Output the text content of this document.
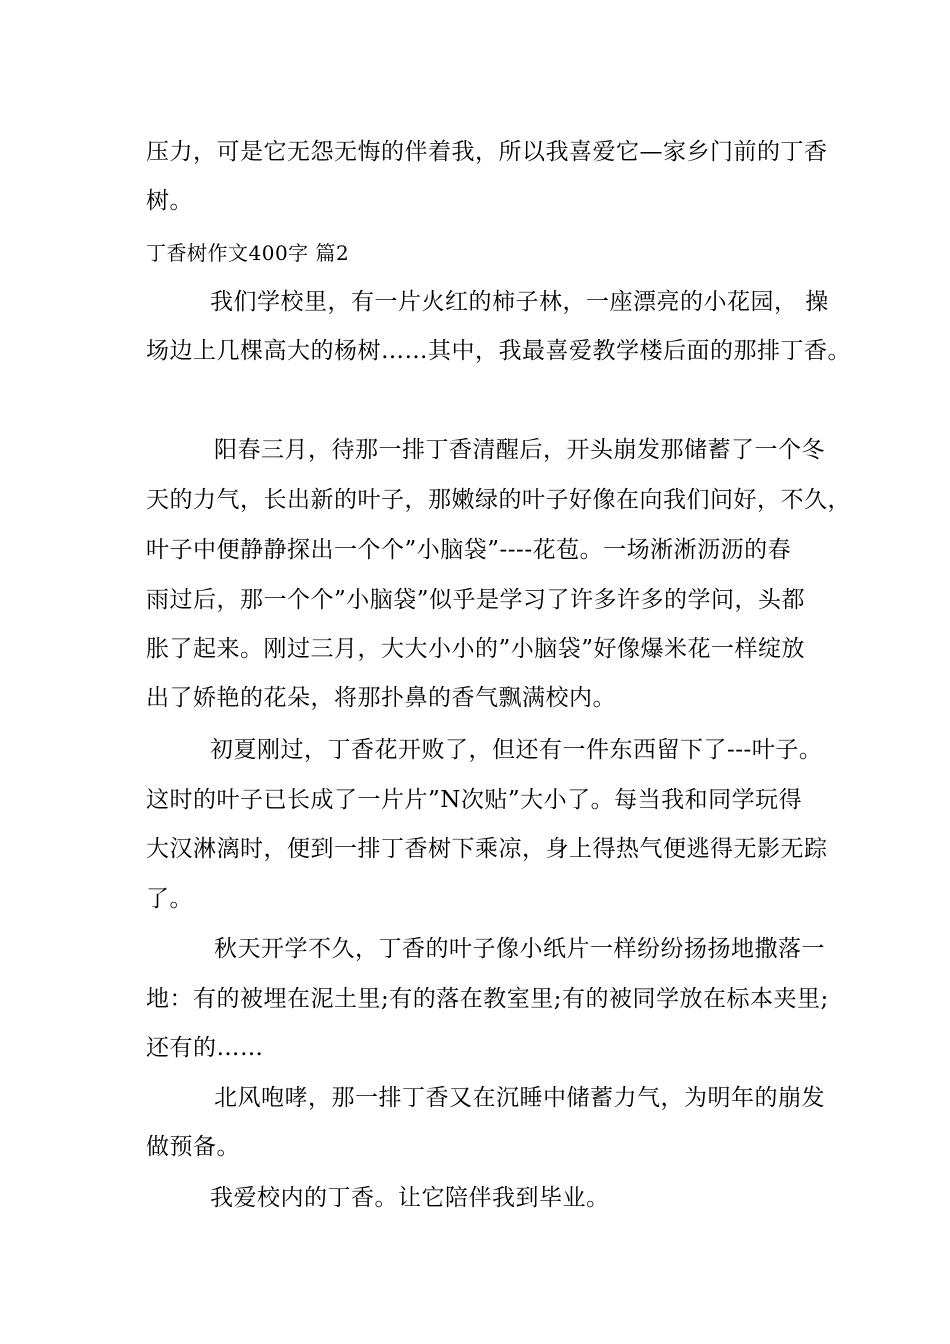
压力，可是它无怨无悔的伴着我，所以我喜爱它—家乡门前的丁香
树。
丁香树作文400字 篇2
我们学校里，有一片火红的柿子林，一座漂亮的小花园， 操
场边上几棵高大的杨树……其中，我最喜爱教学楼后面的那排丁香。
阳春三月，待那一排丁香清醒后，开头崩发那储蓄了一个冬
天的力气，长出新的叶子，那嫩绿的叶子好像在向我们问好，不久，
叶子中便静静探出一个个”小脑袋”----花苞。一场淅淅沥沥的春
雨过后，那一个个”小脑袋”似乎是学习了许多许多的学问，头都
胀了起来。刚过三月，大大小小的”小脑袋”好像爆米花一样绽放
出了娇艳的花朵，将那扑鼻的香气飘满校内。
初夏刚过，丁香花开败了，但还有一件东西留下了---叶子。
这时的叶子已长成了一片片”N次贴”大小了。每当我和同学玩得
大汉淋漓时，便到一排丁香树下乘凉，身上得热气便逃得无影无踪
了。
秋天开学不久，丁香的叶子像小纸片一样纷纷扬扬地撒落一
地：有的被埋在泥土里;有的落在教室里;有的被同学放在标本夹里;
还有的……
北风咆哮，那一排丁香又在沉睡中储蓄力气，为明年的崩发
做预备。
我爱校内的丁香。让它陪伴我到毕业。
